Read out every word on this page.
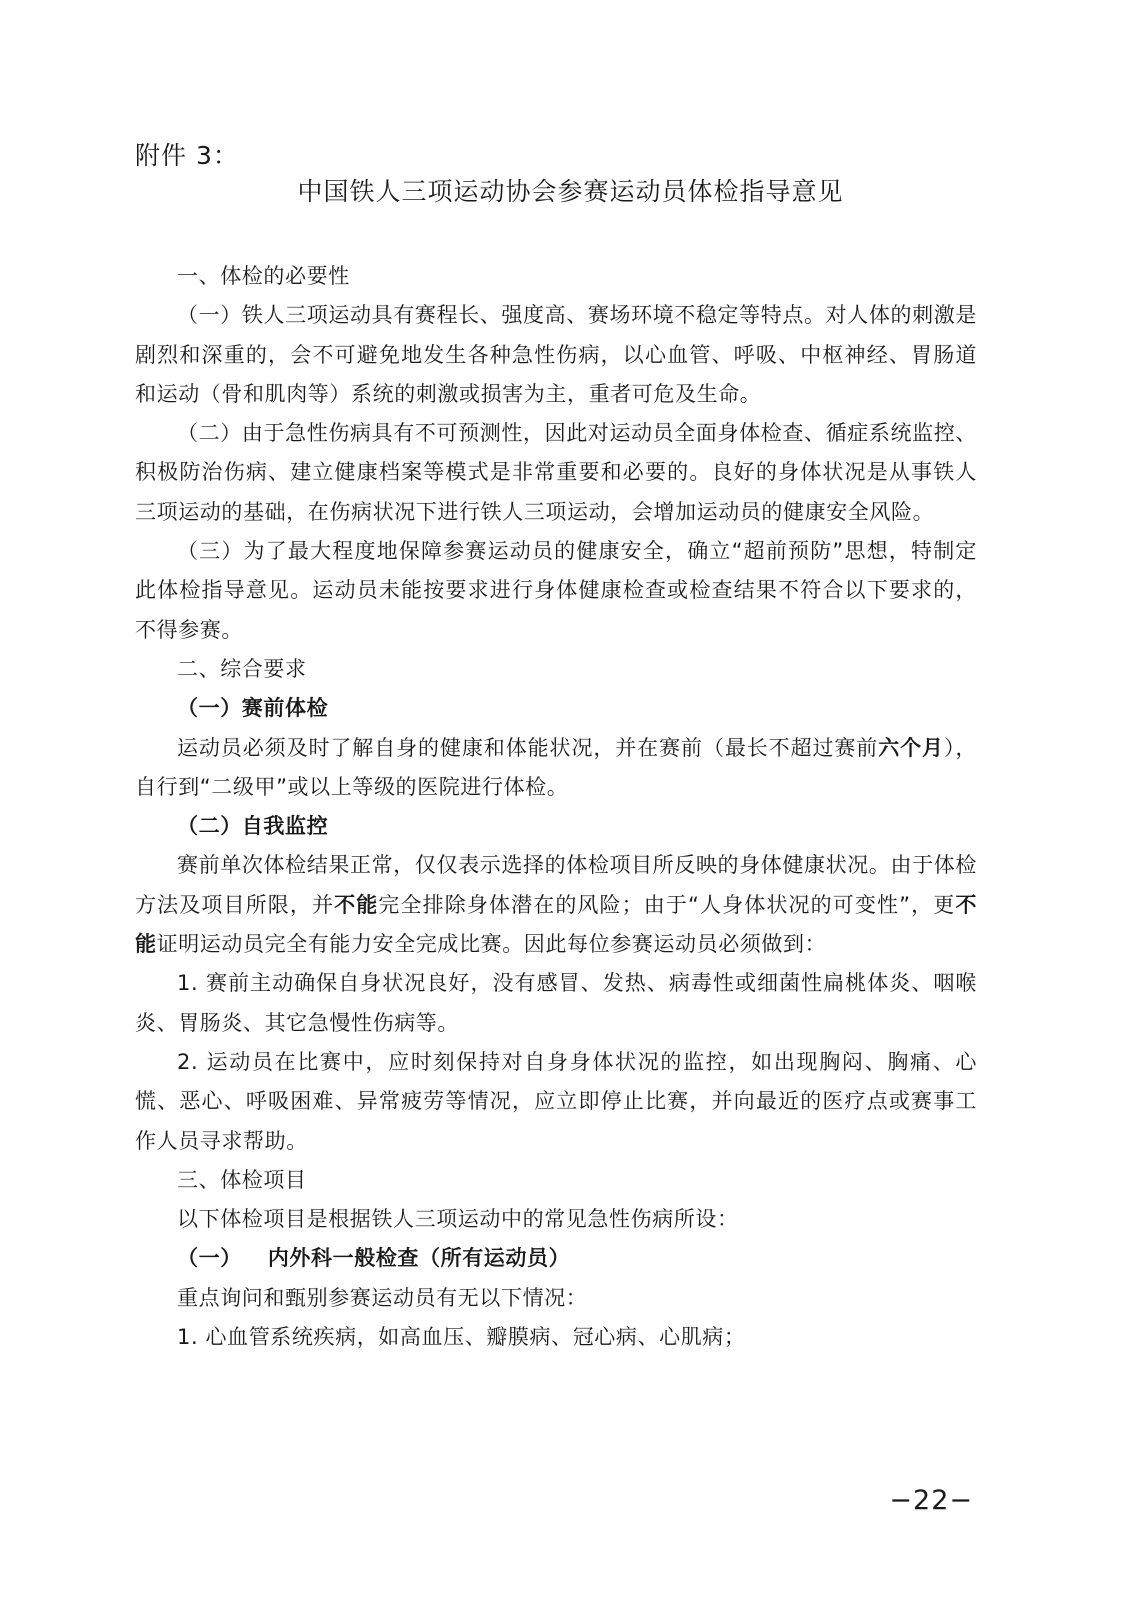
附件 3：
中国铁人三项运动协会参赛运动员体检指导意见

一、体检的必要性

（一）铁人三项运动具有赛程长、强度高、赛场环境不稳定等特点。对人体的刺激是剧烈和深重的，会不可避免地发生各种急性伤病，以心血管、呼吸、中枢神经、胃肠道和运动（骨和肌肉等）系统的刺激或损害为主，重者可危及生命。

（二）由于急性伤病具有不可预测性，因此对运动员全面身体检查、循症系统监控、积极防治伤病、建立健康档案等模式是非常重要和必要的。良好的身体状况是从事铁人三项运动的基础，在伤病状况下进行铁人三项运动，会增加运动员的健康安全风险。

（三）为了最大程度地保障参赛运动员的健康安全，确立“超前预防”思想，特制定此体检指导意见。运动员未能按要求进行身体健康检查或检查结果不符合以下要求的，不得参赛。

二、综合要求

（一）赛前体检

运动员必须及时了解自身的健康和体能状况，并在赛前（最长不超过赛前六个月），自行到“二级甲”或以上等级的医院进行体检。

（二）自我监控

赛前单次体检结果正常，仅仅表示选择的体检项目所反映的身体健康状况。由于体检方法及项目所限，并不能完全排除身体潜在的风险；由于“人身体状况的可变性”，更不能证明运动员完全有能力安全完成比赛。因此每位参赛运动员必须做到：

1. 赛前主动确保自身状况良好，没有感冒、发热、病毒性或细菌性扁桃体炎、咽喉炎、胃肠炎、其它急慢性伤病等。

2. 运动员在比赛中，应时刻保持对自身身体状况的监控，如出现胸闷、胸痛、心慌、恶心、呼吸困难、异常疲劳等情况，应立即停止比赛，并向最近的医疗点或赛事工作人员寻求帮助。

三、体检项目

以下体检项目是根据铁人三项运动中的常见急性伤病所设：

（一） 内外科一般检查（所有运动员）

重点询问和甄别参赛运动员有无以下情况：

1. 心血管系统疾病，如高血压、瓣膜病、冠心病、心肌病；

−22−
